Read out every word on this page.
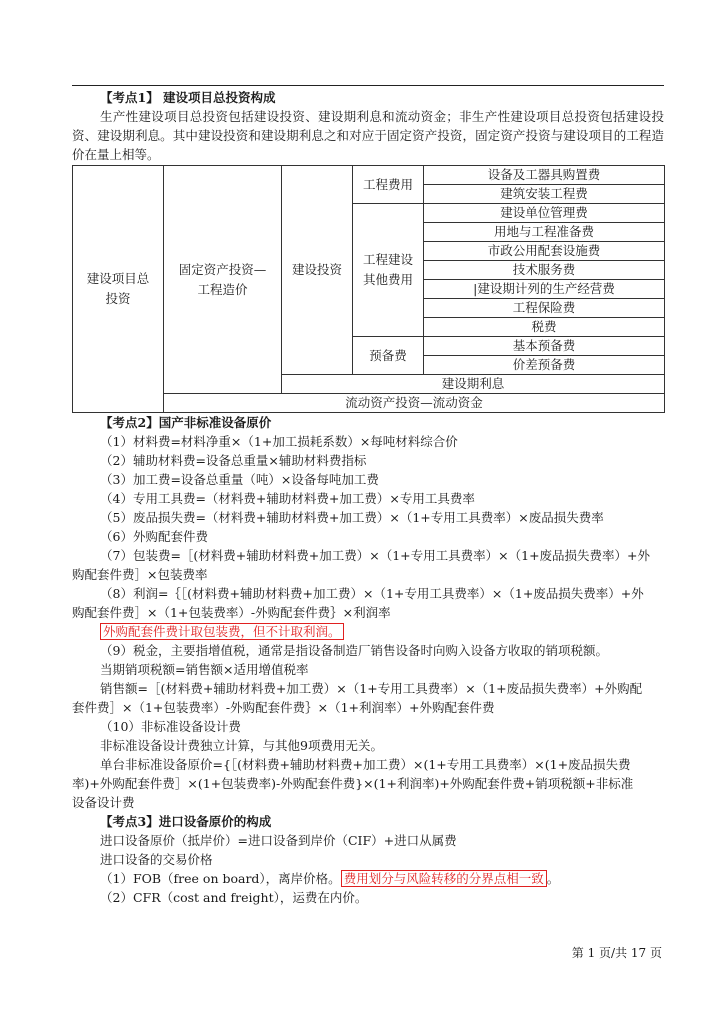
【考点1】 建设项目总投资构成
生产性建设项目总投资包括建设投资、建设期利息和流动资金；非生产性建设项目总投资包括建设投资、建设期利息。其中建设投资和建设期利息之和对应于固定资产投资，固定资产投资与建设项目的工程造价在量上相等。
建设项目总投资	固定资产投资—工程造价	建设投资	工程费用	设备及工器具购置费
				建筑安装工程费
			工程建设其他费用	建设单位管理费
				用地与工程准备费
				市政公用配套设施费
				技术服务费
				|建设期计列的生产经营费
				工程保险费
				税费
			预备费	基本预备费
				价差预备费
		建设期利息		
	流动资产投资—流动资金			
【考点2】国产非标准设备原价
（1）材料费=材料净重×（1+加工损耗系数）×每吨材料综合价
（2）辅助材料费=设备总重量×辅助材料费指标
（3）加工费=设备总重量（吨）×设备每吨加工费
（4）专用工具费=（材料费+辅助材料费+加工费）×专用工具费率
（5）废品损失费=（材料费+辅助材料费+加工费）×（1+专用工具费率）×废品损失费率
（6）外购配套件费
（7）包装费=［(材料费+辅助材料费+加工费）×（1+专用工具费率）×（1+废品损失费率）+外
购配套件费］×包装费率
（8）利润=｛［(材料费+辅助材料费+加工费）×（1+专用工具费率）×（1+废品损失费率）+外
购配套件费］×（1+包装费率）-外购配套件费｝×利润率
外购配套件费计取包装费，但不计取利润。
（9）税金，主要指增值税，通常是指设备制造厂销售设备时向购入设备方收取的销项税额。
当期销项税额=销售额×适用增值税率
销售额=［(材料费+辅助材料费+加工费）×（1+专用工具费率）×（1+废品损失费率）+外购配
套件费］×（1+包装费率）-外购配套件费｝×（1+利润率）+外购配套件费
（10）非标准设备设计费
非标准设备设计费独立计算，与其他9项费用无关。
单台非标准设备原价={［(材料费+辅助材料费+加工费）×(1+专用工具费率）×(1+废品损失费
率)+外购配套件费］×(1+包装费率)-外购配套件费}×(1+利润率)+外购配套件费+销项税额+非标准
设备设计费
【考点3】进口设备原价的构成
进口设备原价（抵岸价）=进口设备到岸价（CIF）+进口从属费
进口设备的交易价格
（1）FOB（free on board），离岸价格。 费用划分与风险转移的分界点相一致 。
（2）CFR（cost and freight），运费在内价。
第 1 页/共 17 页
